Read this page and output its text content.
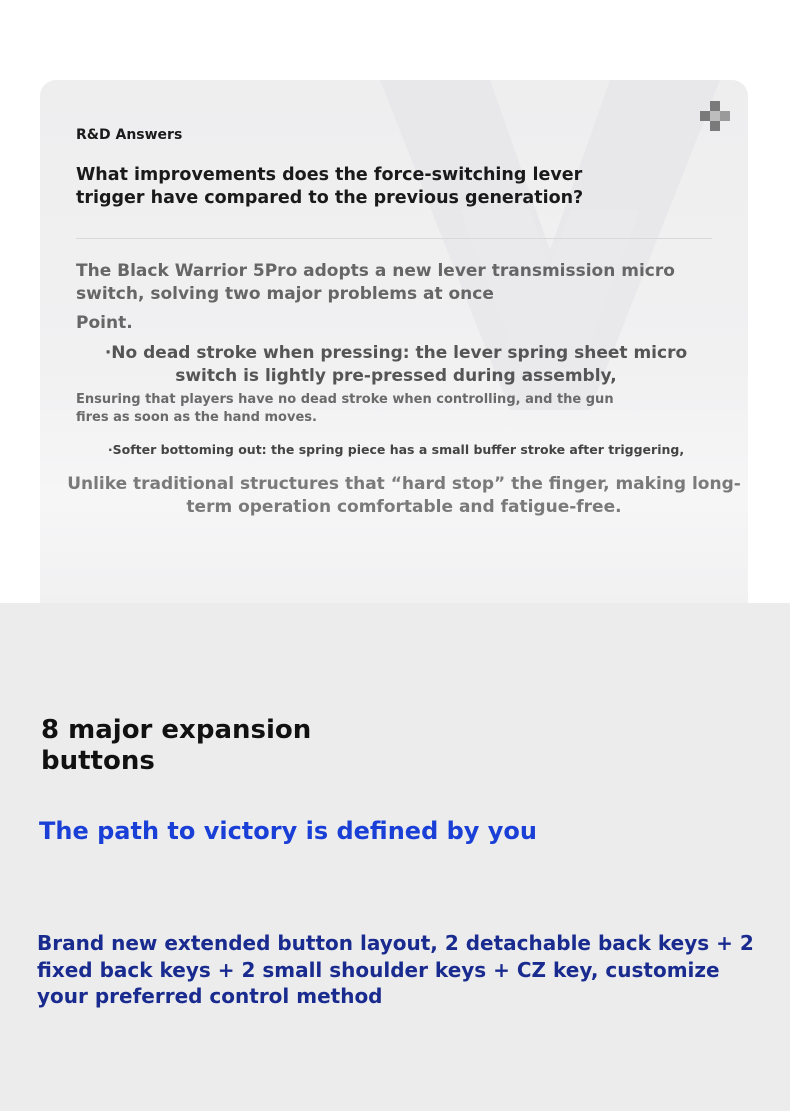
R&D Answers

What improvements does the force-switching lever trigger have compared to the previous generation?

The Black Warrior 5Pro adopts a new lever transmission micro switch, solving two major problems at once

Point.

·No dead stroke when pressing: the lever spring sheet micro switch is lightly pre-pressed during assembly,

Ensuring that players have no dead stroke when controlling, and the gun fires as soon as the hand moves.

·Softer bottoming out: the spring piece has a small buffer stroke after triggering,

Unlike traditional structures that “hard stop” the finger, making long-term operation comfortable and fatigue-free.

8 major expansion buttons

The path to victory is defined by you

Brand new extended button layout, 2 detachable back keys + 2 fixed back keys + 2 small shoulder keys + CZ key, customize your preferred control method
